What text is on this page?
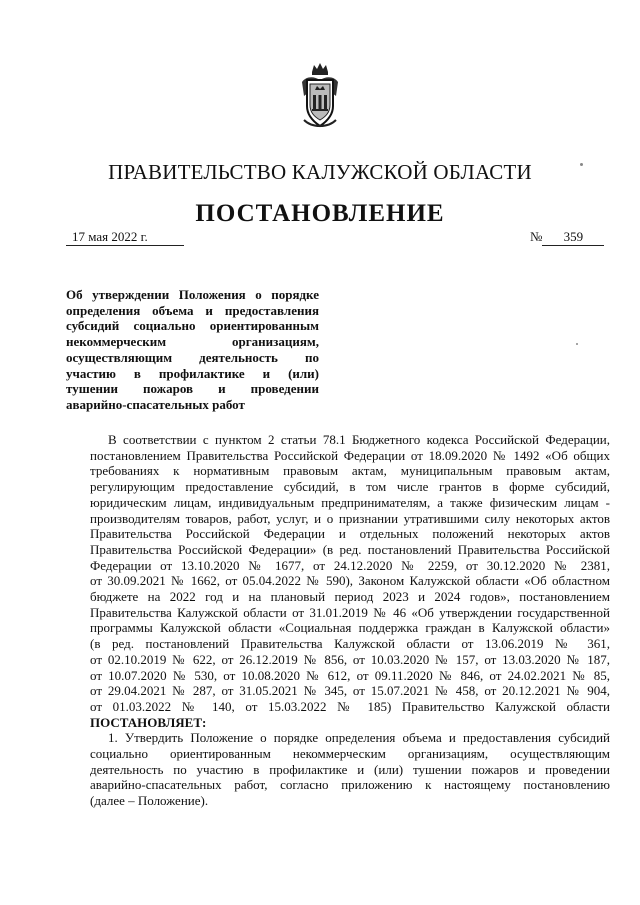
ПРАВИТЕЛЬСТВО КАЛУЖСКОЙ ОБЛАСТИ
ПОСТАНОВЛЕНИЕ
17 мая 2022 г.	№ 359
Об утверждении Положения о порядке
определения объема и предоставления
субсидий социально ориентированным
некоммерческим организациям,
осуществляющим деятельность по
участию в профилактике и (или)
тушении пожаров и проведении
аварийно-спасательных работ
В соответствии с пунктом 2 статьи 78.1 Бюджетного кодекса Российской Федерации,
постановлением Правительства Российской Федерации от 18.09.2020 № 1492 «Об общих
требованиях к нормативным правовым актам, муниципальным правовым актам,
регулирующим предоставление субсидий, в том числе грантов в форме субсидий,
юридическим лицам, индивидуальным предпринимателям, а также физическим лицам -
производителям товаров, работ, услуг, и о признании утратившими силу некоторых актов
Правительства Российской Федерации и отдельных положений некоторых актов
Правительства Российской Федерации» (в ред. постановлений Правительства Российской
Федерации от 13.10.2020 № 1677, от 24.12.2020 № 2259, от 30.12.2020 № 2381,
от 30.09.2021 № 1662, от 05.04.2022 № 590), Законом Калужской области «Об областном
бюджете на 2022 год и на плановый период 2023 и 2024 годов», постановлением
Правительства Калужской области от 31.01.2019 № 46 «Об утверждении государственной
программы Калужской области «Социальная поддержка граждан в Калужской области»
(в ред. постановлений Правительства Калужской области от 13.06.2019 № 361,
от 02.10.2019 № 622, от 26.12.2019 № 856, от 10.03.2020 № 157, от 13.03.2020 № 187,
от 10.07.2020 № 530, от 10.08.2020 № 612, от 09.11.2020 № 846, от 24.02.2021 № 85,
от 29.04.2021 № 287, от 31.05.2021 № 345, от 15.07.2021 № 458, от 20.12.2021 № 904,
от 01.03.2022 № 140, от 15.03.2022 № 185) Правительство Калужской области
ПОСТАНОВЛЯЕТ:
1. Утвердить Положение о порядке определения объема и предоставления субсидий
социально ориентированным некоммерческим организациям, осуществляющим
деятельность по участию в профилактике и (или) тушении пожаров и проведении
аварийно-спасательных работ, согласно приложению к настоящему постановлению
(далее – Положение).
